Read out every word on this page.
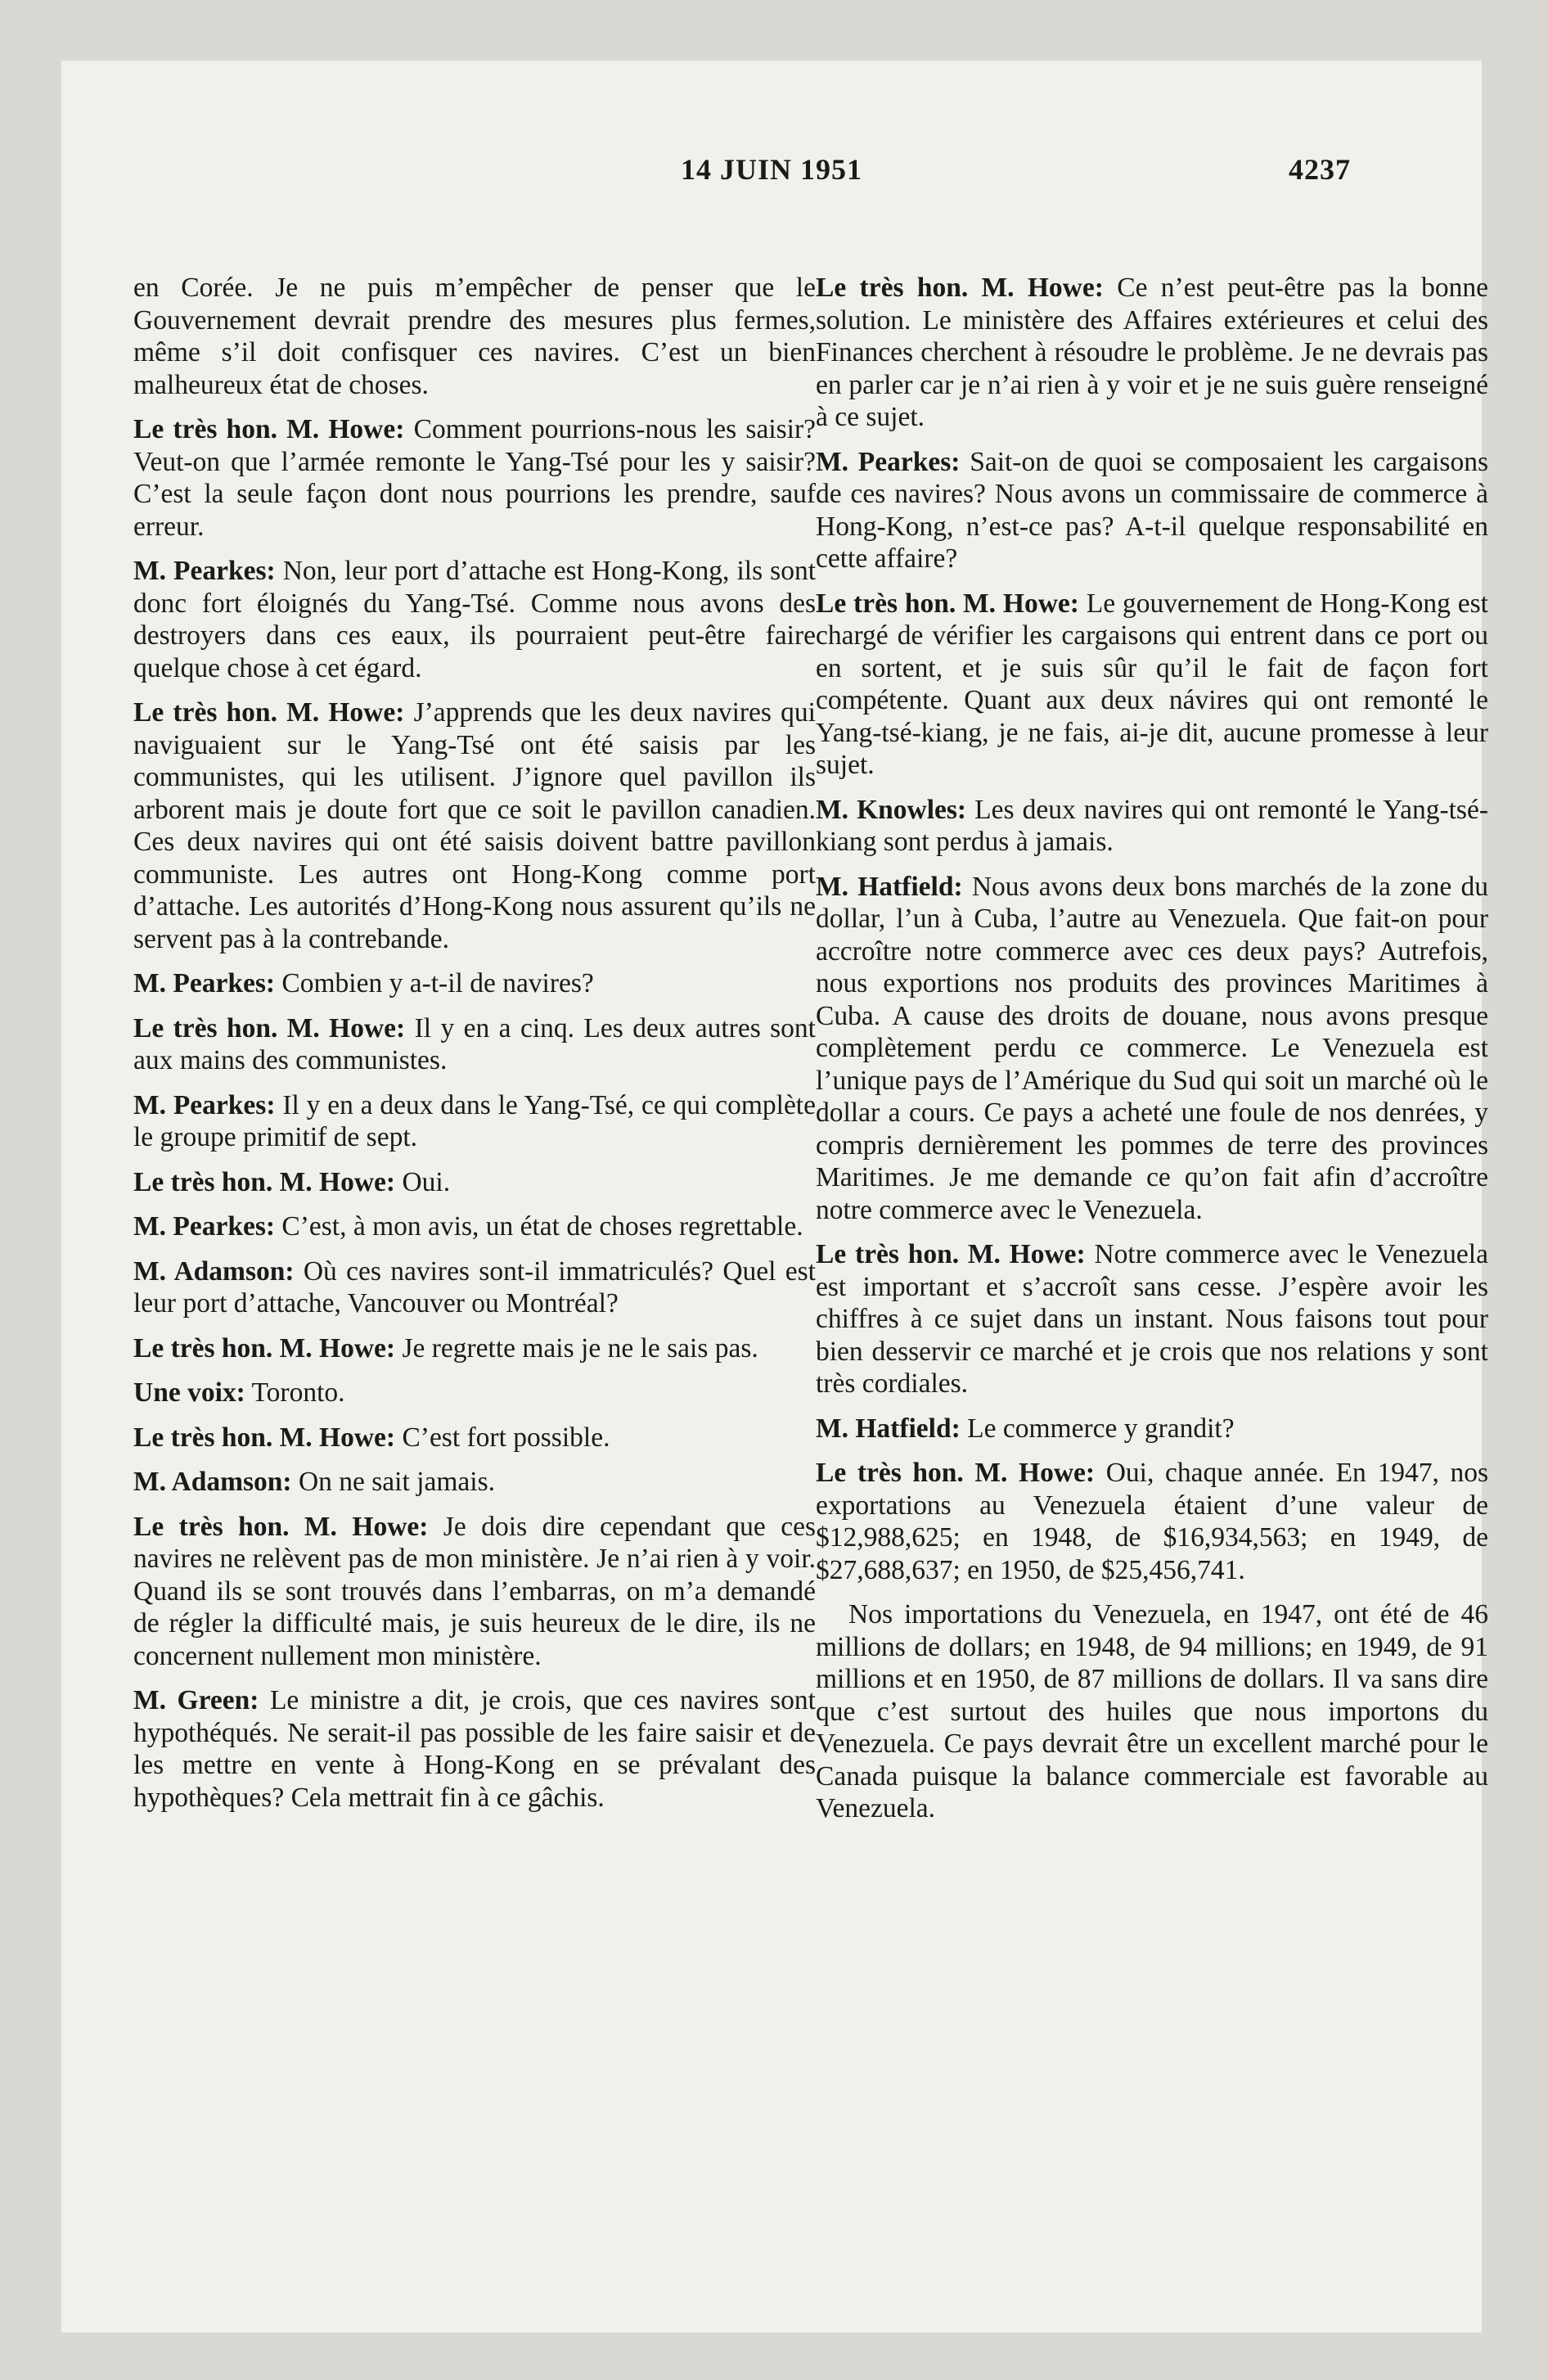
14 JUIN 1951	4237

en Corée. Je ne puis m’empêcher de penser que le Gouvernement devrait prendre des mesures plus fermes, même s’il doit confisquer ces navires. C’est un bien malheureux état de choses.

Le très hon. M. Howe: Comment pourrions-nous les saisir? Veut-on que l’armée remonte le Yang-Tsé pour les y saisir? C’est la seule façon dont nous pourrions les prendre, sauf erreur.

M. Pearkes: Non, leur port d’attache est Hong-Kong, ils sont donc fort éloignés du Yang-Tsé. Comme nous avons des destroyers dans ces eaux, ils pourraient peut-être faire quelque chose à cet égard.

Le très hon. M. Howe: J’apprends que les deux navires qui naviguaient sur le Yang-Tsé ont été saisis par les communistes, qui les utilisent. J’ignore quel pavillon ils arborent mais je doute fort que ce soit le pavillon canadien. Ces deux navires qui ont été saisis doivent battre pavillon communiste. Les autres ont Hong-Kong comme port d’attache. Les autorités d’Hong-Kong nous assurent qu’ils ne servent pas à la contrebande.

M. Pearkes: Combien y a-t-il de navires?

Le très hon. M. Howe: Il y en a cinq. Les deux autres sont aux mains des communistes.

M. Pearkes: Il y en a deux dans le Yang-Tsé, ce qui complète le groupe primitif de sept.

Le très hon. M. Howe: Oui.

M. Pearkes: C’est, à mon avis, un état de choses regrettable.

M. Adamson: Où ces navires sont-il immatriculés? Quel est leur port d’attache, Vancouver ou Montréal?

Le très hon. M. Howe: Je regrette mais je ne le sais pas.

Une voix: Toronto.

Le très hon. M. Howe: C’est fort possible.

M. Adamson: On ne sait jamais.

Le très hon. M. Howe: Je dois dire cependant que ces navires ne relèvent pas de mon ministère. Je n’ai rien à y voir. Quand ils se sont trouvés dans l’embarras, on m’a demandé de régler la difficulté mais, je suis heureux de le dire, ils ne concernent nullement mon ministère.

M. Green: Le ministre a dit, je crois, que ces navires sont hypothéqués. Ne serait-il pas possible de les faire saisir et de les mettre en vente à Hong-Kong en se prévalant des hypothèques? Cela mettrait fin à ce gâchis.

Le très hon. M. Howe: Ce n’est peut-être pas la bonne solution. Le ministère des Affaires extérieures et celui des Finances cherchent à résoudre le problème. Je ne devrais pas en parler car je n’ai rien à y voir et je ne suis guère renseigné à ce sujet.

M. Pearkes: Sait-on de quoi se composaient les cargaisons de ces navires? Nous avons un commissaire de commerce à Hong-Kong, n’est-ce pas? A-t-il quelque responsabilité en cette affaire?

Le très hon. M. Howe: Le gouvernement de Hong-Kong est chargé de vérifier les cargaisons qui entrent dans ce port ou en sortent, et je suis sûr qu’il le fait de façon fort compétente. Quant aux deux návires qui ont remonté le Yang-tsé-kiang, je ne fais, ai-je dit, aucune promesse à leur sujet.

M. Knowles: Les deux navires qui ont remonté le Yang-tsé-kiang sont perdus à jamais.

M. Hatfield: Nous avons deux bons marchés de la zone du dollar, l’un à Cuba, l’autre au Venezuela. Que fait-on pour accroître notre commerce avec ces deux pays? Autrefois, nous exportions nos produits des provinces Maritimes à Cuba. A cause des droits de douane, nous avons presque complètement perdu ce commerce. Le Venezuela est l’unique pays de l’Amérique du Sud qui soit un marché où le dollar a cours. Ce pays a acheté une foule de nos denrées, y compris dernièrement les pommes de terre des provinces Maritimes. Je me demande ce qu’on fait afin d’accroître notre commerce avec le Venezuela.

Le très hon. M. Howe: Notre commerce avec le Venezuela est important et s’accroît sans cesse. J’espère avoir les chiffres à ce sujet dans un instant. Nous faisons tout pour bien desservir ce marché et je crois que nos relations y sont très cordiales.

M. Hatfield: Le commerce y grandit?

Le très hon. M. Howe: Oui, chaque année. En 1947, nos exportations au Venezuela étaient d’une valeur de $12,988,625; en 1948, de $16,934,563; en 1949, de $27,688,637; en 1950, de $25,456,741.

Nos importations du Venezuela, en 1947, ont été de 46 millions de dollars; en 1948, de 94 millions; en 1949, de 91 millions et en 1950, de 87 millions de dollars. Il va sans dire que c’est surtout des huiles que nous importons du Venezuela. Ce pays devrait être un excellent marché pour le Canada puisque la balance commerciale est favorable au Venezuela.
